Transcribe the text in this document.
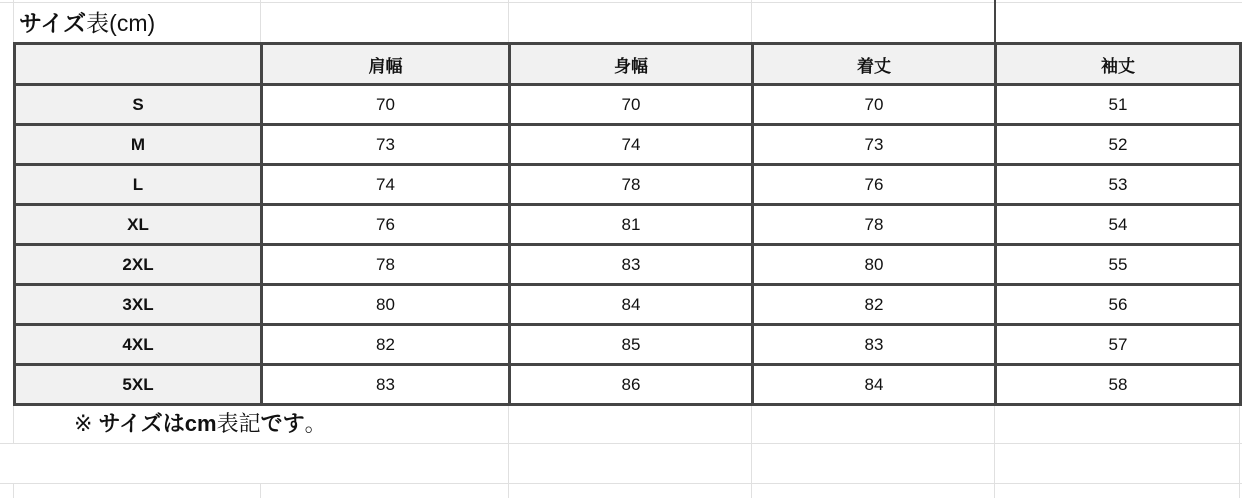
サイズ表(cm)
	肩幅	身幅	着丈	袖丈
S	70	70	70	51
M	73	74	73	52
L	74	78	76	53
XL	76	81	78	54
2XL	78	83	80	55
3XL	80	84	82	56
4XL	82	85	83	57
5XL	83	86	84	58
※ サイズはcm表記です。
